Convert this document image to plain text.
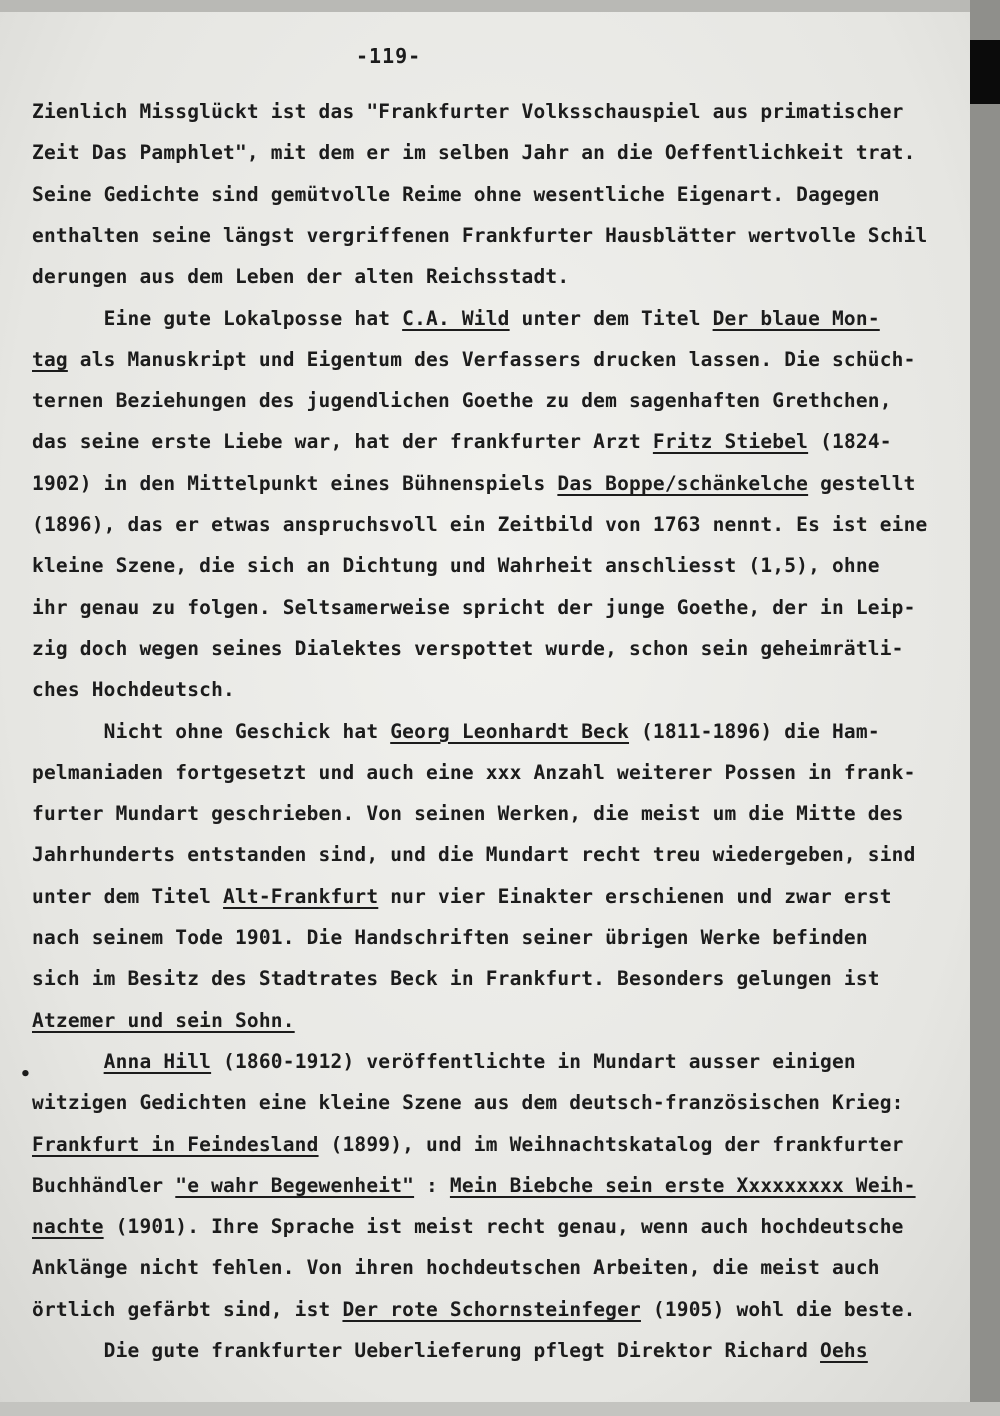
-119-
Zienlich Missglückt ist das "Frankfurter Volksschauspiel aus primatischer
Zeit Das Pamphlet", mit dem er im selben Jahr an die Oeffentlichkeit trat.
Seine Gedichte sind gemütvolle Reime ohne wesentliche Eigenart. Dagegen
enthalten seine längst vergriffenen Frankfurter Hausblätter wertvolle Schil
derungen aus dem Leben der alten Reichsstadt.
Eine gute Lokalposse hat C.A. Wild unter dem Titel Der blaue Mon-
tag als Manuskript und Eigentum des Verfassers drucken lassen. Die schüch-
ternen Beziehungen des jugendlichen Goethe zu dem sagenhaften Grethchen,
das seine erste Liebe war, hat der frankfurter Arzt Fritz Stiebel (1824-
1902) in den Mittelpunkt eines Bühnenspiels Das Boppe/schänkelche gestellt
(1896), das er etwas anspruchsvoll ein Zeitbild von 1763 nennt. Es ist eine
kleine Szene, die sich an Dichtung und Wahrheit anschliesst (1,5), ohne
ihr genau zu folgen. Seltsamerweise spricht der junge Goethe, der in Leip-
zig doch wegen seines Dialektes verspottet wurde, schon sein geheimrätli-
ches Hochdeutsch.
Nicht ohne Geschick hat Georg Leonhardt Beck (1811-1896) die Ham-
pelmaniaden fortgesetzt und auch eine xxx Anzahl weiterer Possen in frank-
furter Mundart geschrieben. Von seinen Werken, die meist um die Mitte des
Jahrhunderts entstanden sind, und die Mundart recht treu wiedergeben, sind
unter dem Titel Alt-Frankfurt nur vier Einakter erschienen und zwar erst
nach seinem Tode 1901. Die Handschriften seiner übrigen Werke befinden
sich im Besitz des Stadtrates Beck in Frankfurt. Besonders gelungen ist
Atzemer und sein Sohn.
Anna Hill (1860-1912) veröffentlichte in Mundart ausser einigen
witzigen Gedichten eine kleine Szene aus dem deutsch-französischen Krieg:
Frankfurt in Feindesland (1899), und im Weihnachtskatalog der frankfurter
Buchhändler "e wahr Begewenheit" : Mein Biebche sein erste Xxxxxxxxx Weih-
nachte (1901). Ihre Sprache ist meist recht genau, wenn auch hochdeutsche
Anklänge nicht fehlen. Von ihren hochdeutschen Arbeiten, die meist auch
örtlich gefärbt sind, ist Der rote Schornsteinfeger (1905) wohl die beste.
Die gute frankfurter Ueberlieferung pflegt Direktor Richard Oehs
•
